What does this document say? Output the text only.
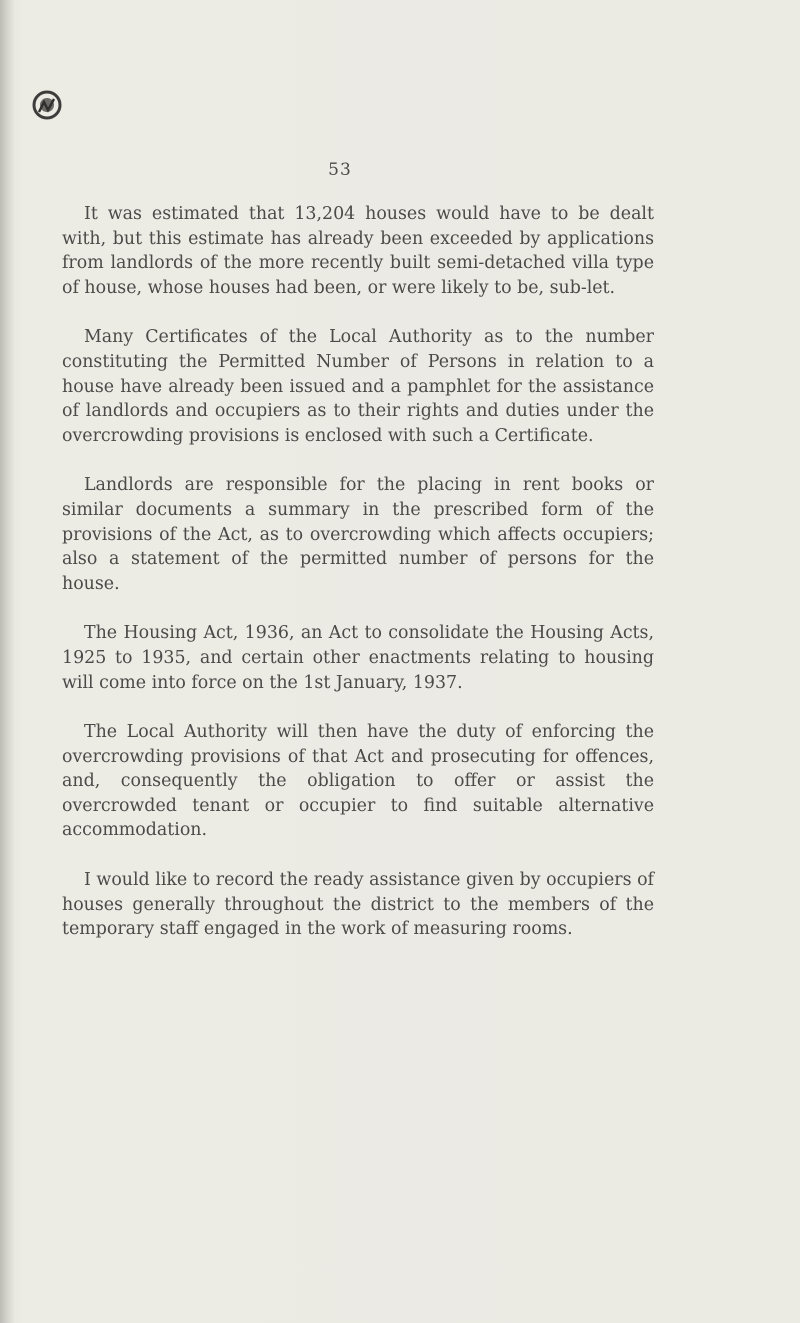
53

It was estimated that 13,204 houses would have to be dealt with, but this estimate has already been exceeded by applications from landlords of the more recently built semi-detached villa type of house, whose houses had been, or were likely to be, sub-let.

Many Certificates of the Local Authority as to the number constituting the Permitted Number of Persons in relation to a house have already been issued and a pamphlet for the assistance of landlords and occupiers as to their rights and duties under the overcrowding provisions is enclosed with such a Certificate.

Landlords are responsible for the placing in rent books or similar documents a summary in the prescribed form of the provisions of the Act, as to overcrowding which affects occupiers; also a statement of the permitted number of persons for the house.

The Housing Act, 1936, an Act to consolidate the Housing Acts, 1925 to 1935, and certain other enactments relating to housing will come into force on the 1st January, 1937.

The Local Authority will then have the duty of enforcing the overcrowding provisions of that Act and prosecuting for offences, and, consequently the obligation to offer or assist the overcrowded tenant or occupier to find suitable alternative accommodation.

I would like to record the ready assistance given by occupiers of houses generally throughout the district to the members of the temporary staff engaged in the work of measuring rooms.
